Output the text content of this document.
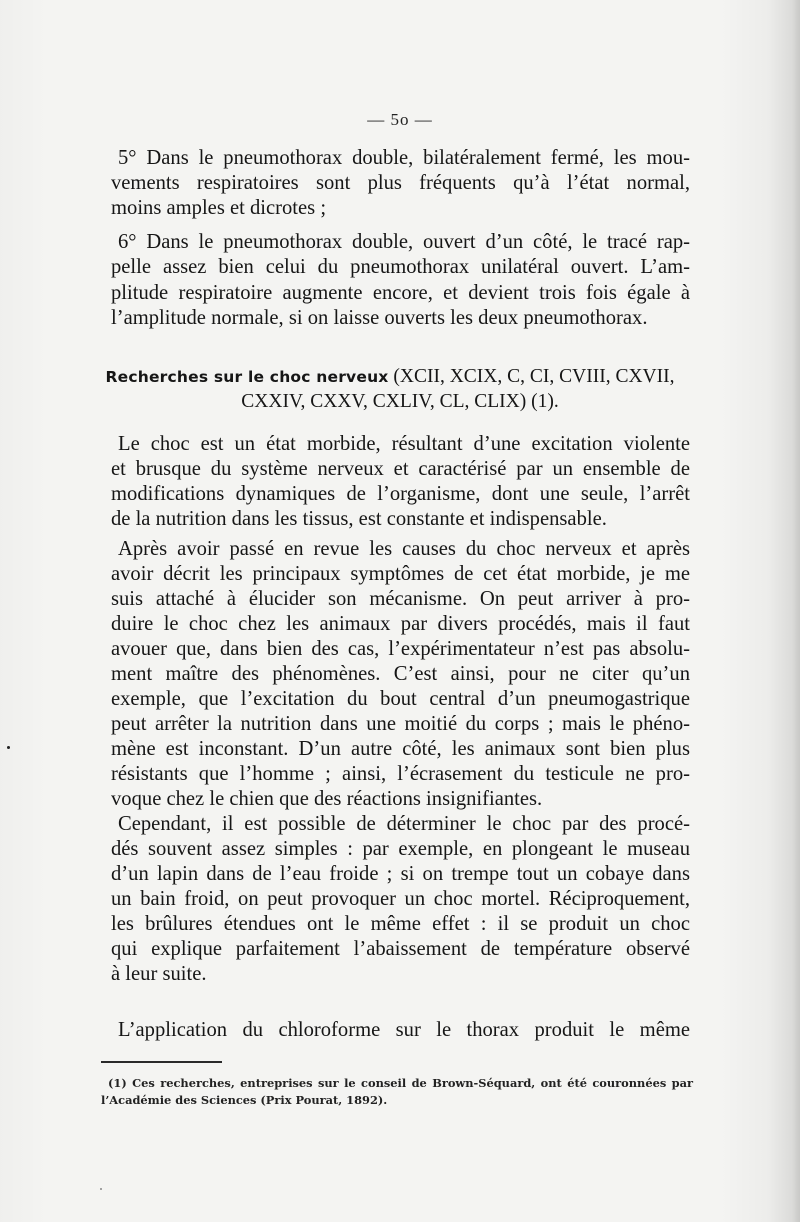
— 5o —
5° Dans le pneumothorax double, bilatéralement fermé, les mou-
vements respiratoires sont plus fréquents qu’à l’état normal,
moins amples et dicrotes ;
6° Dans le pneumothorax double, ouvert d’un côté, le tracé rap-
pelle assez bien celui du pneumothorax unilatéral ouvert. L’am-
plitude respiratoire augmente encore, et devient trois fois égale à
l’amplitude normale, si on laisse ouverts les deux pneumothorax.
Recherches sur le choc nerveux (XCII, XCIX, C, CI, CVIII, CXVII,
CXXIV, CXXV, CXLIV, CL, CLIX) (1).
Le choc est un état morbide, résultant d’une excitation violente
et brusque du système nerveux et caractérisé par un ensemble de
modifications dynamiques de l’organisme, dont une seule, l’arrêt
de la nutrition dans les tissus, est constante et indispensable.
Après avoir passé en revue les causes du choc nerveux et après
avoir décrit les principaux symptômes de cet état morbide, je me
suis attaché à élucider son mécanisme. On peut arriver à pro-
duire le choc chez les animaux par divers procédés, mais il faut
avouer que, dans bien des cas, l’expérimentateur n’est pas absolu-
ment maître des phénomènes. C’est ainsi, pour ne citer qu’un
exemple, que l’excitation du bout central d’un pneumogastrique
peut arrêter la nutrition dans une moitié du corps ; mais le phéno-
mène est inconstant. D’un autre côté, les animaux sont bien plus
résistants que l’homme ; ainsi, l’écrasement du testicule ne pro-
voque chez le chien que des réactions insignifiantes.
Cependant, il est possible de déterminer le choc par des procé-
dés souvent assez simples : par exemple, en plongeant le museau
d’un lapin dans de l’eau froide ; si on trempe tout un cobaye dans
un bain froid, on peut provoquer un choc mortel. Réciproquement,
les brûlures étendues ont le même effet : il se produit un choc
qui explique parfaitement l’abaissement de température observé
à leur suite.
L’application du chloroforme sur le thorax produit le même
(1) Ces recherches, entreprises sur le conseil de Brown-Séquard, ont été couronnées par
l’Académie des Sciences (Prix Pourat, 1892).
